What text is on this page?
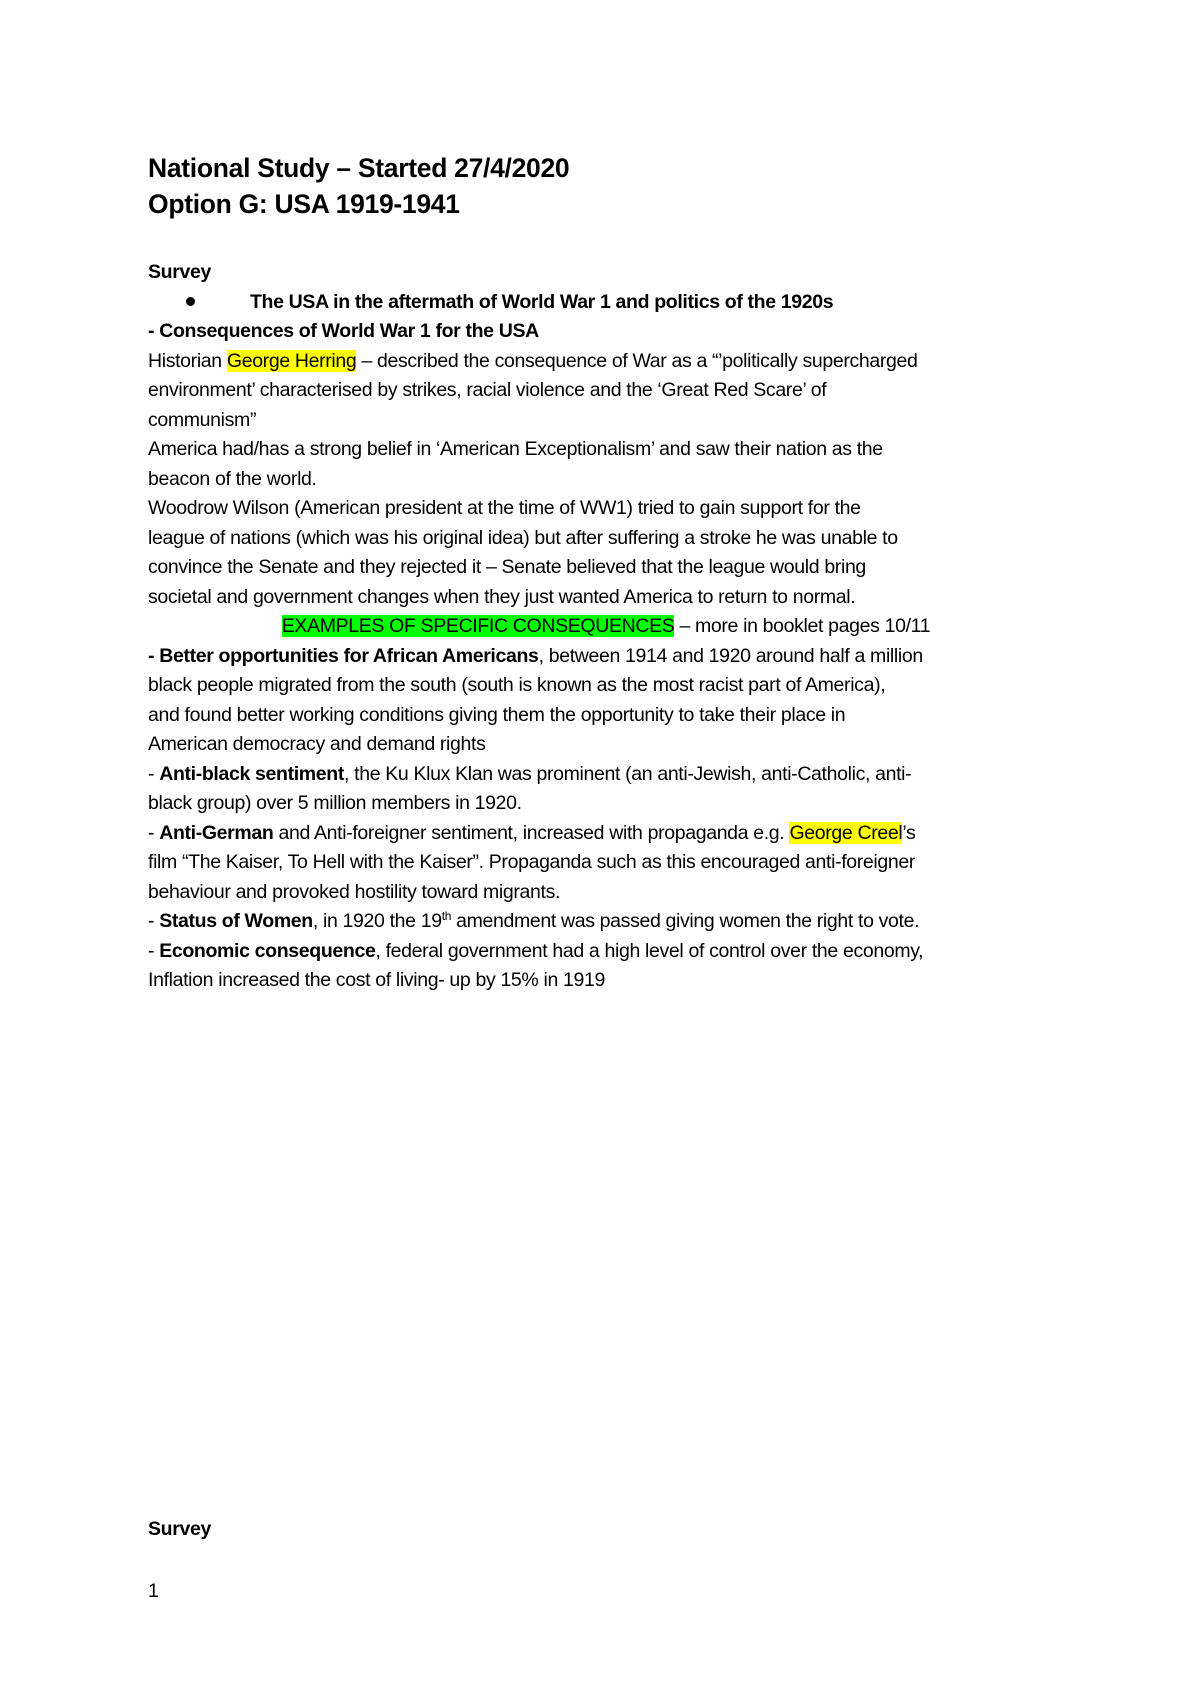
National Study – Started 27/4/2020

Option G: USA 1919-1941

Survey

The USA in the aftermath of World War 1 and politics of the 1920s

- Consequences of World War 1 for the USA

Historian George Herring – described the consequence of War as a “’politically supercharged

environment’ characterised by strikes, racial violence and the ‘Great Red Scare’ of

communism”

America had/has a strong belief in ‘American Exceptionalism’ and saw their nation as the

beacon of the world.

Woodrow Wilson (American president at the time of WW1) tried to gain support for the

league of nations (which was his original idea) but after suffering a stroke he was unable to

convince the Senate and they rejected it – Senate believed that the league would bring

societal and government changes when they just wanted America to return to normal.

EXAMPLES OF SPECIFIC CONSEQUENCES – more in booklet pages 10/11

- Better opportunities for African Americans, between 1914 and 1920 around half a million

black people migrated from the south (south is known as the most racist part of America),

and found better working conditions giving them the opportunity to take their place in

American democracy and demand rights

- Anti-black sentiment, the Ku Klux Klan was prominent (an anti-Jewish, anti-Catholic, anti-

black group) over 5 million members in 1920.

- Anti-German and Anti-foreigner sentiment, increased with propaganda e.g. George Creel’s

film “The Kaiser, To Hell with the Kaiser”. Propaganda such as this encouraged anti-foreigner

behaviour and provoked hostility toward migrants.

- Status of Women, in 1920 the 19th amendment was passed giving women the right to vote.

- Economic consequence, federal government had a high level of control over the economy,

Inflation increased the cost of living- up by 15% in 1919

Survey
1
